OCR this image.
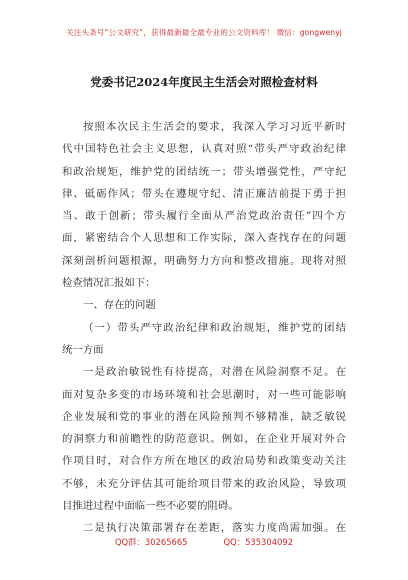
关注头条号“公文研究”，获得最新最全最专业的公文资料库！ 微信：gongwenyj
党委书记2024年度民主生活会对照检查材料
按照本次民主生活会的要求，我深入学习习近平新时
代中国特色社会主义思想，认真对照“带头严守政治纪律
和政治规矩，维护党的团结统一；带头增强党性，严守纪
律、砥砺作风；带头在遵规守纪、清正廉洁前提下勇于担
当、敢于创新；带头履行全面从严治党政治责任”四个方
面，紧密结合个人思想和工作实际，深入查找存在的问题
深刻剖析问题根源，明确努力方向和整改措施。现将对照
检查情况汇报如下：
一、存在的问题
（一）带头严守政治纪律和政治规矩，维护党的团结
统一方面
一是政治敏锐性有待提高，对潜在风险洞察不足。在
面对复杂多变的市场环境和社会思潮时，对一些可能影响
企业发展和党的事业的潜在风险预判不够精准，缺乏敏锐
的洞察力和前瞻性的防范意识。例如，在企业开展对外合
作项目时，对合作方所在地区的政治局势和政策变动关注
不够，未充分评估其可能给项目带来的政治风险，导致项
目推进过程中面临一些不必要的阻碍。
二是执行决策部署存在差距，落实力度尚需加强。在
QQ群：30265665	QQ：535304092
